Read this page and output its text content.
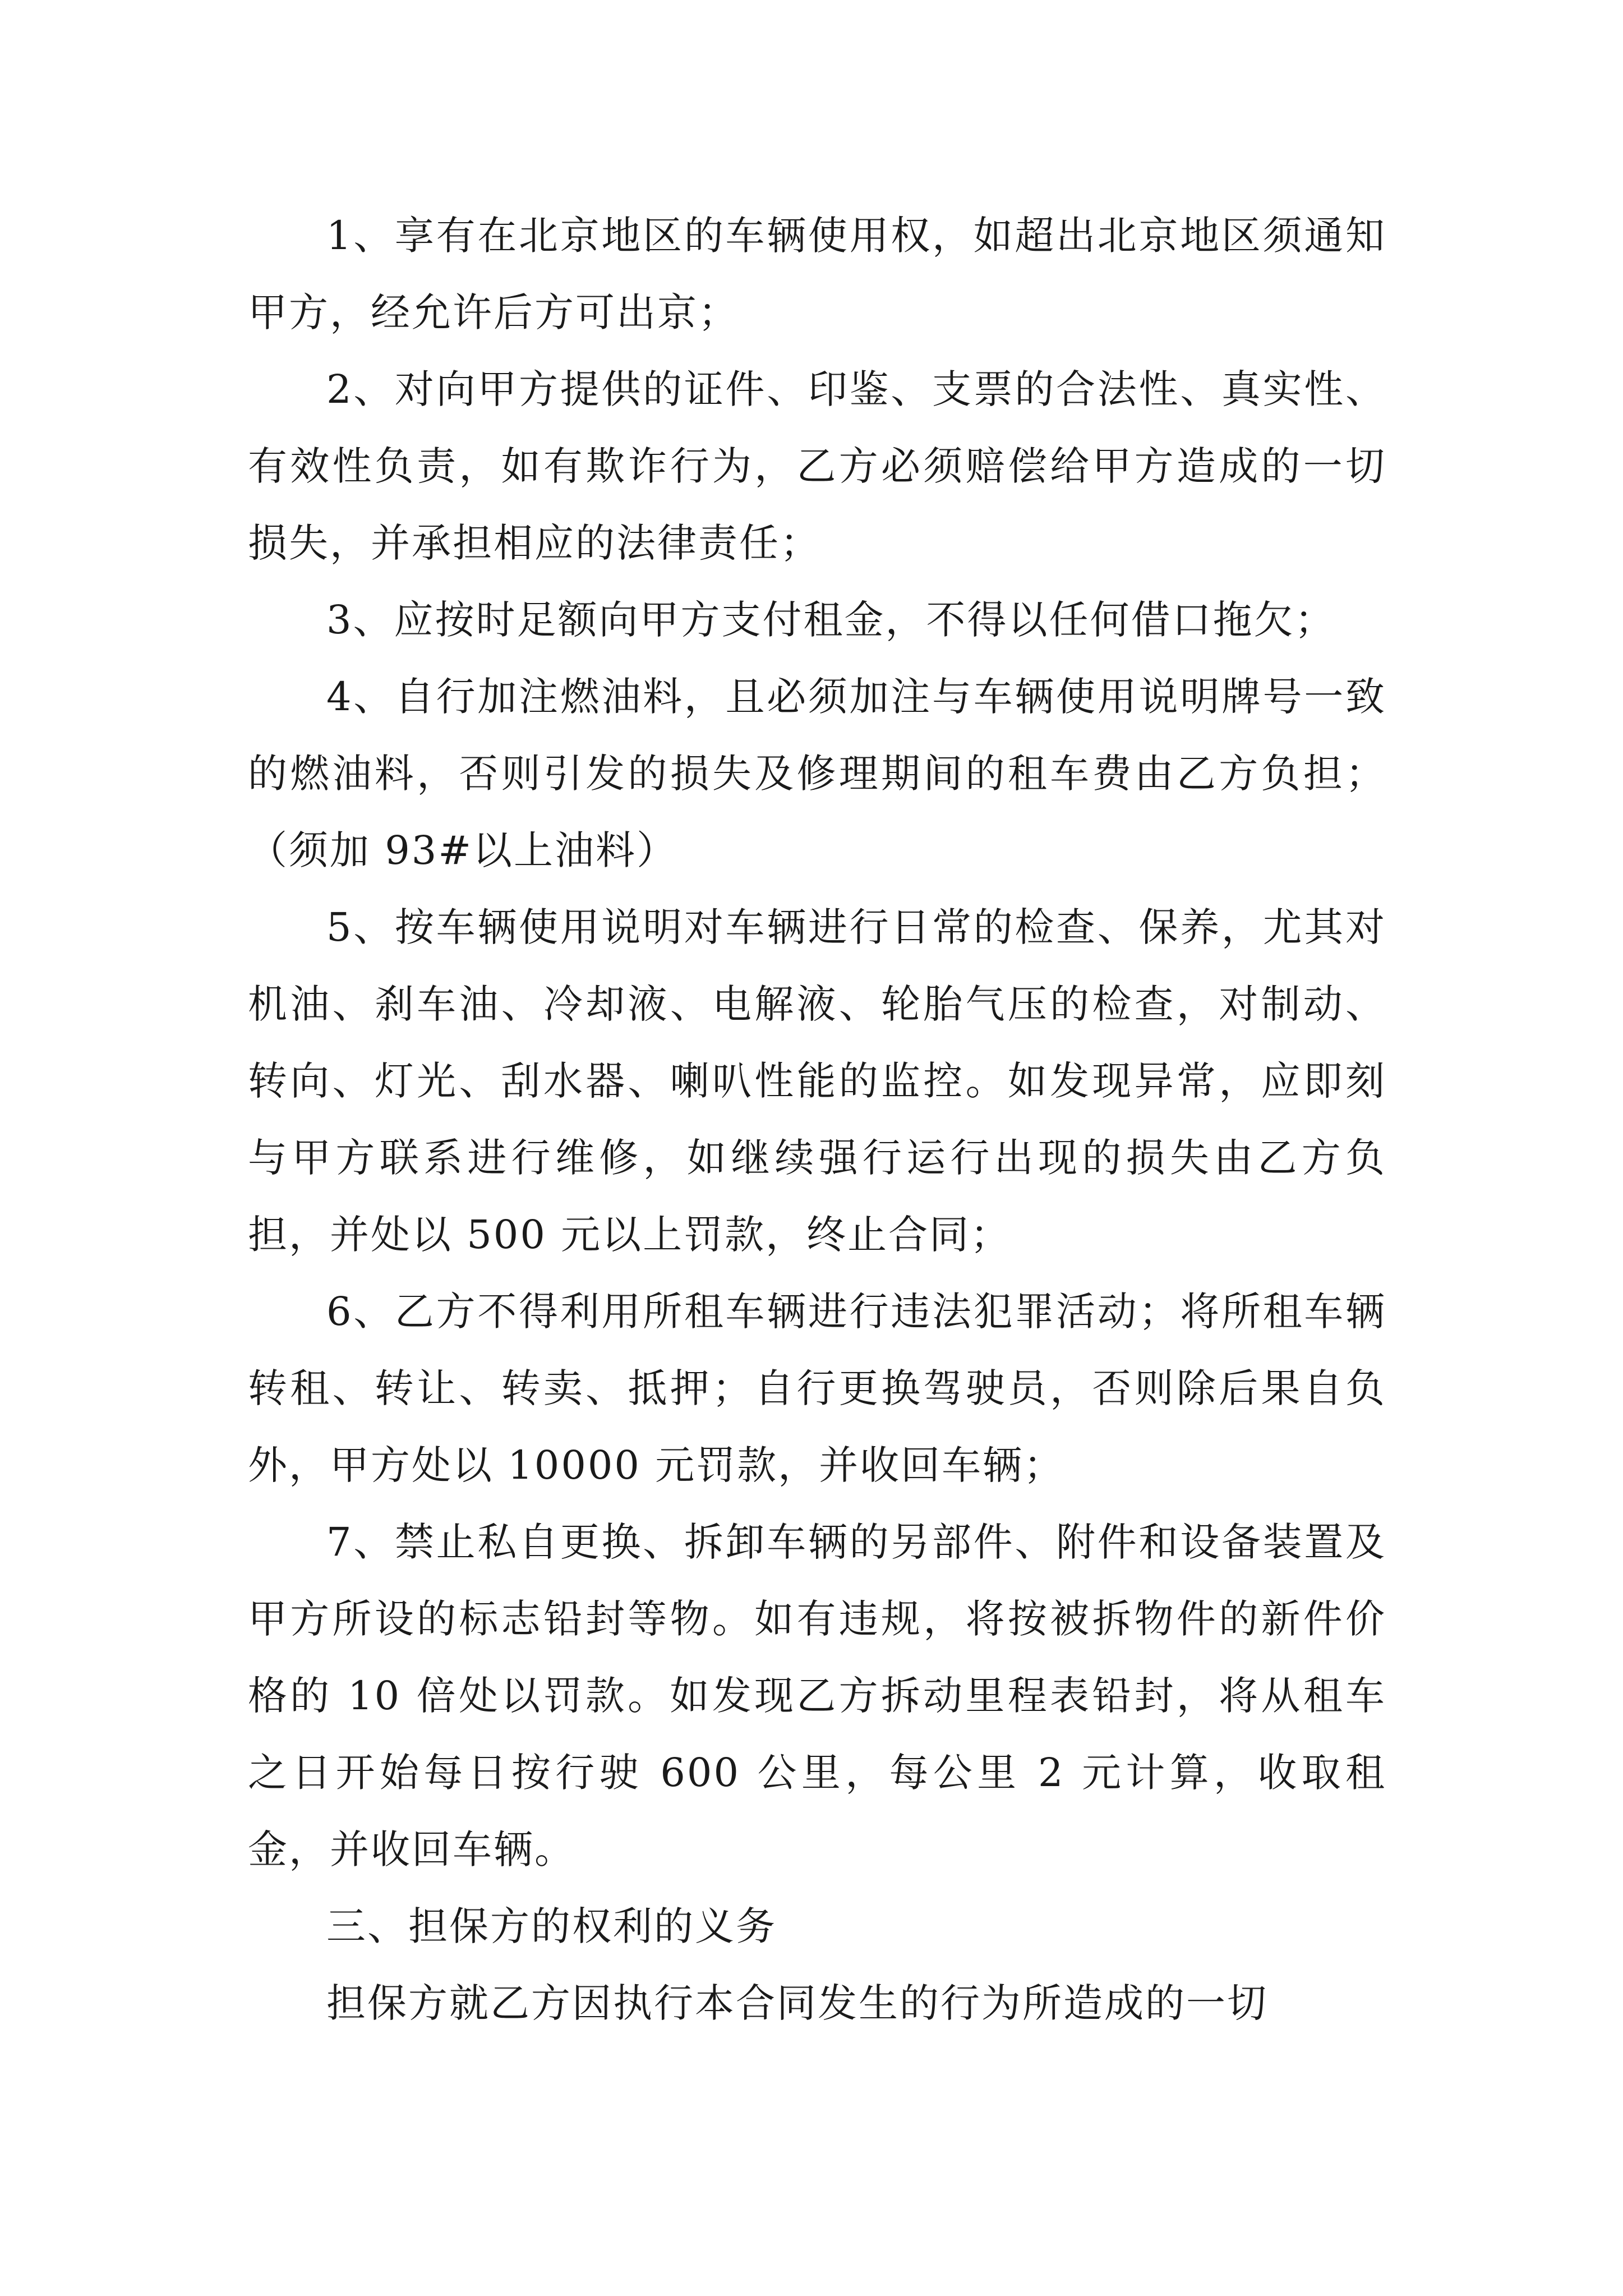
1、享有在北京地区的车辆使用权，如超出北京地区须通知甲方，经允许后方可出京；

2、对向甲方提供的证件、印鉴、支票的合法性、真实性、有效性负责，如有欺诈行为，乙方必须赔偿给甲方造成的一切损失，并承担相应的法律责任；

3、应按时足额向甲方支付租金，不得以任何借口拖欠；

4、自行加注燃油料，且必须加注与车辆使用说明牌号一致的燃油料，否则引发的损失及修理期间的租车费由乙方负担；（须加 93#以上油料）

5、按车辆使用说明对车辆进行日常的检查、保养，尤其对机油、刹车油、冷却液、电解液、轮胎气压的检查，对制动、转向、灯光、刮水器、喇叭性能的监控。如发现异常，应即刻与甲方联系进行维修，如继续强行运行出现的损失由乙方负担，并处以 500 元以上罚款，终止合同；

6、乙方不得利用所租车辆进行违法犯罪活动；将所租车辆转租、转让、转卖、抵押；自行更换驾驶员，否则除后果自负外，甲方处以 10000 元罚款，并收回车辆；

7、禁止私自更换、拆卸车辆的另部件、附件和设备装置及甲方所设的标志铅封等物。如有违规，将按被拆物件的新件价格的 10 倍处以罚款。如发现乙方拆动里程表铅封，将从租车之日开始每日按行驶 600 公里，每公里 2 元计算，收取租金，并收回车辆。

三、担保方的权利的义务

担保方就乙方因执行本合同发生的行为所造成的一切
